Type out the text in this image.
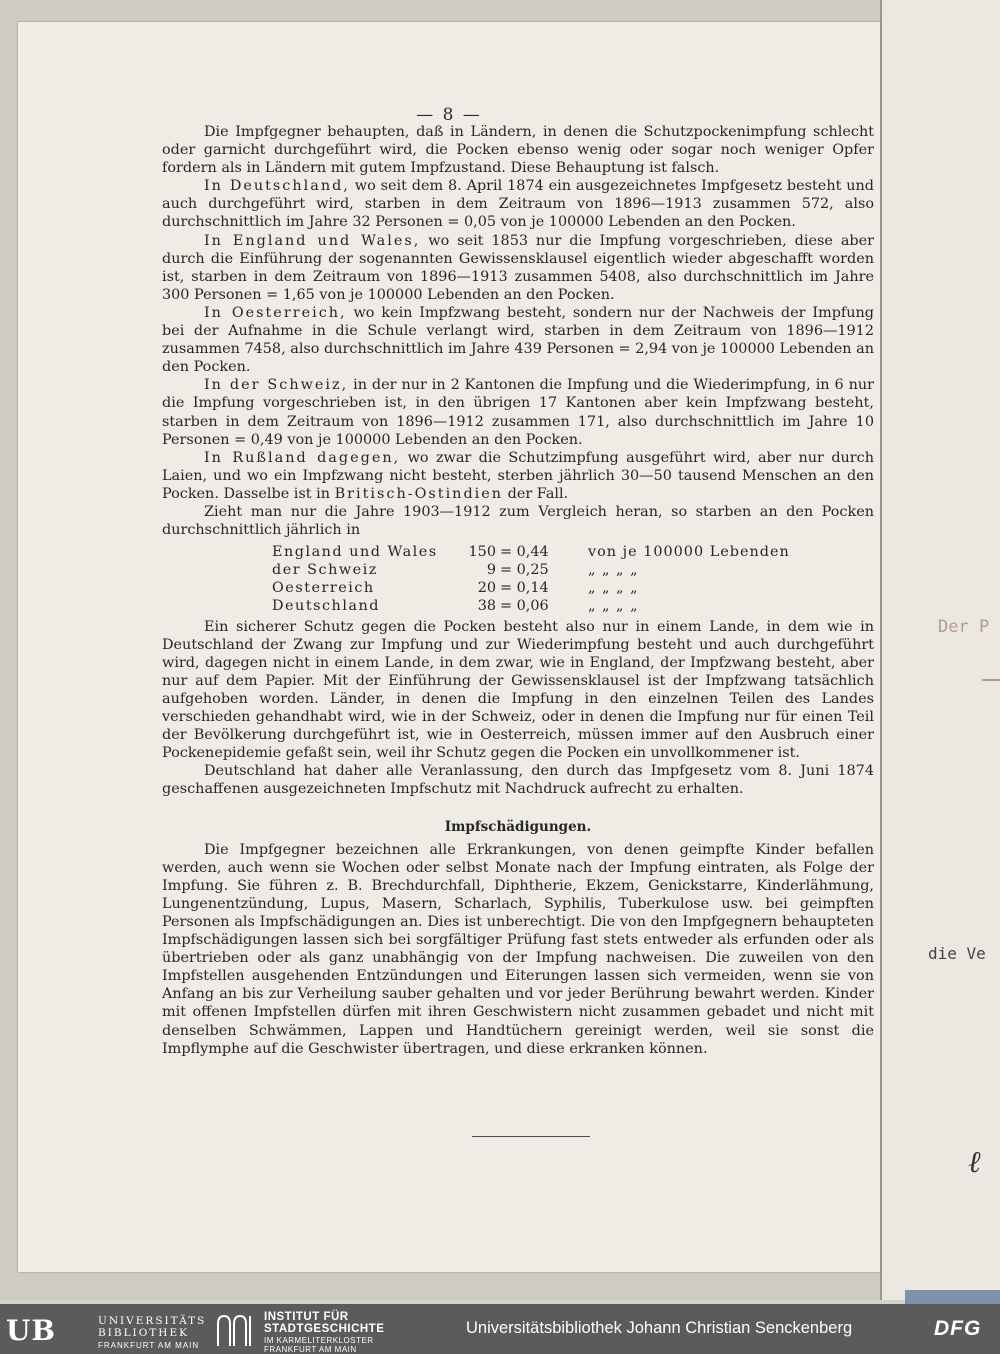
Der P
die Ve
ℓ
— 8 —

Die Impfgegner behaupten, daß in Ländern, in denen die Schutzpockenimpfung schlecht oder garnicht durchgeführt wird, die Pocken ebenso wenig oder sogar noch weniger Opfer fordern als in Ländern mit gutem Impfzustand. Diese Behauptung ist falsch.

In Deutschland, wo seit dem 8. April 1874 ein ausgezeichnetes Impfgesetz besteht und auch durchgeführt wird, starben in dem Zeitraum von 1896—1913 zusammen 572, also durchschnittlich im Jahre 32 Personen = 0,05 von je 100000 Lebenden an den Pocken.

In England und Wales, wo seit 1853 nur die Impfung vorgeschrieben, diese aber durch die Einführung der sogenannten Gewissensklausel eigentlich wieder abgeschafft worden ist, starben in dem Zeitraum von 1896—1913 zusammen 5408, also durchschnittlich im Jahre 300 Personen = 1,65 von je 100000 Lebenden an den Pocken.

In Oesterreich, wo kein Impfzwang besteht, sondern nur der Nachweis der Impfung bei der Aufnahme in die Schule verlangt wird, starben in dem Zeitraum von 1896—1912 zusammen 7458, also durchschnittlich im Jahre 439 Personen = 2,94 von je 100000 Lebenden an den Pocken.

In der Schweiz, in der nur in 2 Kantonen die Impfung und die Wiederimpfung, in 6 nur die Impfung vorgeschrieben ist, in den übrigen 17 Kantonen aber kein Impfzwang besteht, starben in dem Zeitraum von 1896—1912 zusammen 171, also durchschnittlich im Jahre 10 Personen = 0,49 von je 100000 Lebenden an den Pocken.

In Rußland dagegen, wo zwar die Schutzimpfung ausgeführt wird, aber nur durch Laien, und wo ein Impfzwang nicht besteht, sterben jährlich 30—50 tausend Menschen an den Pocken. Dasselbe ist in Britisch-Ostindien der Fall.

Zieht man nur die Jahre 1903—1912 zum Vergleich heran, so starben an den Pocken durchschnittlich jährlich in

England und Wales	150	= 0,44	von je 100000 Lebenden
der Schweiz	9	= 0,25	„ „ „ „
Oesterreich	20	= 0,14	„ „ „ „
Deutschland	38	= 0,06	„ „ „ „

Ein sicherer Schutz gegen die Pocken besteht also nur in einem Lande, in dem wie in Deutschland der Zwang zur Impfung und zur Wiederimpfung besteht und auch durchgeführt wird, dagegen nicht in einem Lande, in dem zwar, wie in England, der Impfzwang besteht, aber nur auf dem Papier. Mit der Einführung der Gewissensklausel ist der Impfzwang tatsächlich aufgehoben worden. Länder, in denen die Impfung in den einzelnen Teilen des Landes verschieden gehandhabt wird, wie in der Schweiz, oder in denen die Impfung nur für einen Teil der Bevölkerung durchgeführt ist, wie in Oesterreich, müssen immer auf den Ausbruch einer Pockenepidemie gefaßt sein, weil ihr Schutz gegen die Pocken ein unvollkommener ist.

Deutschland hat daher alle Veranlassung, den durch das Impfgesetz vom 8. Juni 1874 geschaffenen ausgezeichneten Impfschutz mit Nachdruck aufrecht zu erhalten.

Impfschädigungen.

Die Impfgegner bezeichnen alle Erkrankungen, von denen geimpfte Kinder befallen werden, auch wenn sie Wochen oder selbst Monate nach der Impfung eintraten, als Folge der Impfung. Sie führen z. B. Brechdurchfall, Diphtherie, Ekzem, Genickstarre, Kinderlähmung, Lungenentzündung, Lupus, Masern, Scharlach, Syphilis, Tuberkulose usw. bei geimpften Personen als Impfschädigungen an. Dies ist unberechtigt. Die von den Impfgegnern behaupteten Impfschädigungen lassen sich bei sorgfältiger Prüfung fast stets entweder als erfunden oder als übertrieben oder als ganz unabhängig von der Impfung nachweisen. Die zuweilen von den Impfstellen ausgehenden Entzündungen und Eiterungen lassen sich vermeiden, wenn sie von Anfang an bis zur Verheilung sauber gehalten und vor jeder Berührung bewahrt werden. Kinder mit offenen Impfstellen dürfen mit ihren Geschwistern nicht zusammen gebadet und nicht mit denselben Schwämmen, Lappen und Handtüchern gereinigt werden, weil sie sonst die Impflymphe auf die Geschwister übertragen, und diese erkranken können.

UB	UNIVERSITÄTS
BIBLIOTHEK
FRANKFURT AM MAIN
INSTITUT FÜR
STADTGESCHICHTE
IM KARMELITERKLOSTER
FRANKFURT AM MAIN
Universitätsbibliothek Johann Christian Senckenberg	DFG
